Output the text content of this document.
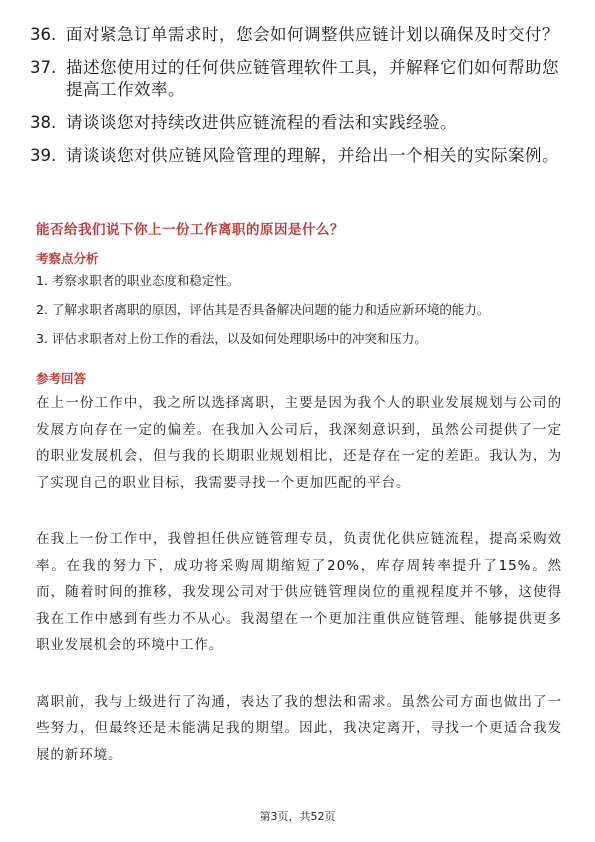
36. 面对紧急订单需求时，您会如何调整供应链计划以确保及时交付？
37. 描述您使用过的任何供应链管理软件工具，并解释它们如何帮助您提高工作效率。
38. 请谈谈您对持续改进供应链流程的看法和实践经验。
39. 请谈谈您对供应链风险管理的理解，并给出一个相关的实际案例。
能否给我们说下你上一份工作离职的原因是什么？
考察点分析
1. 考察求职者的职业态度和稳定性。
2. 了解求职者离职的原因，评估其是否具备解决问题的能力和适应新环境的能力。
3. 评估求职者对上份工作的看法，以及如何处理职场中的冲突和压力。
参考回答

在上一份工作中，我之所以选择离职，主要是因为我个人的职业发展规划与公司的发展方向存在一定的偏差。在我加入公司后，我深刻意识到，虽然公司提供了一定的职业发展机会，但与我的长期职业规划相比，还是存在一定的差距。我认为，为了实现自己的职业目标，我需要寻找一个更加匹配的平台。

在我上一份工作中，我曾担任供应链管理专员，负责优化供应链流程，提高采购效率。在我的努力下，成功将采购周期缩短了20%，库存周转率提升了15%。然而，随着时间的推移，我发现公司对于供应链管理岗位的重视程度并不够，这使得我在工作中感到有些力不从心。我渴望在一个更加注重供应链管理、能够提供更多职业发展机会的环境中工作。

离职前，我与上级进行了沟通，表达了我的想法和需求。虽然公司方面也做出了一些努力，但最终还是未能满足我的期望。因此，我决定离开，寻找一个更适合我发展的新环境。

第3页，共52页
